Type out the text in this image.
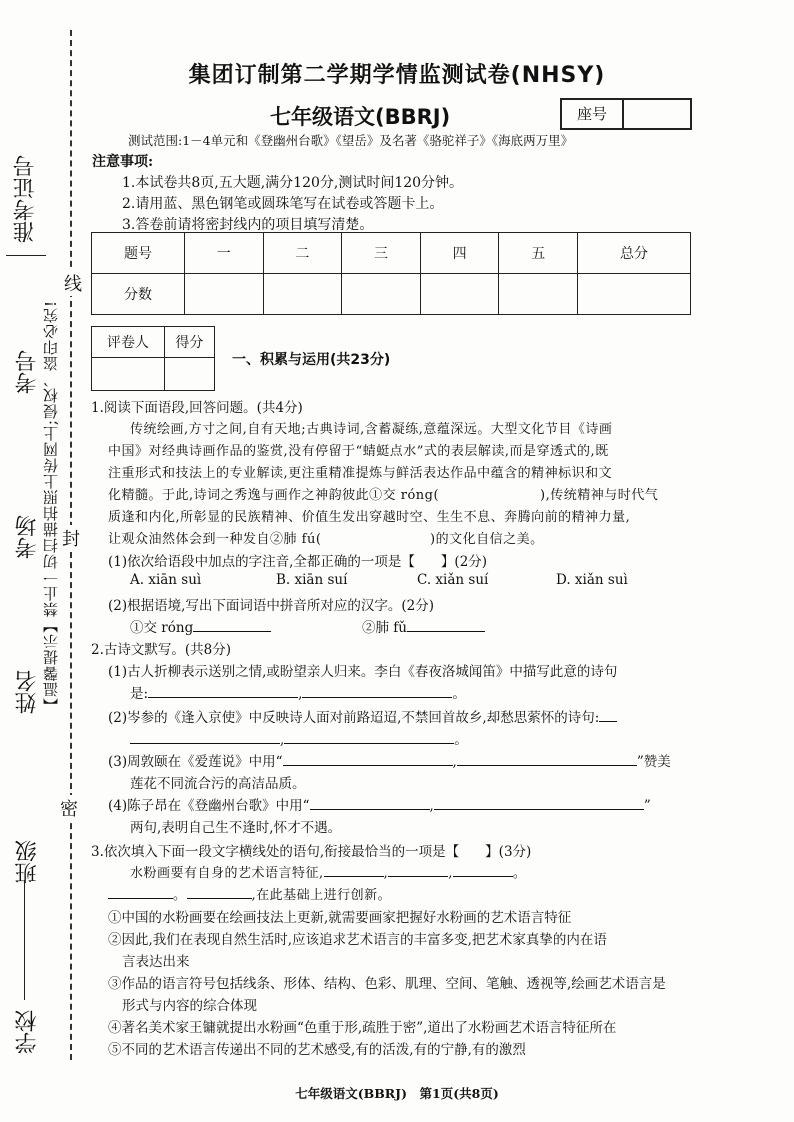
准考证号
考号
考场
姓名
班级
学校
【温馨提示】禁止一切扫描拍照上传网上;侵权、盗印必究!
线
封
密
集团订制第二学期学情监测试卷(NHSY)
七年级语文(BBRJ)	座号
测试范围:1－4单元和《登幽州台歌》《望岳》及名著《骆驼祥子》《海底两万里》
注意事项:
1.本试卷共8页,五大题,满分120分,测试时间120分钟。
2.请用蓝、黑色钢笔或圆珠笔写在试卷或答题卡上。
3.答卷前请将密封线内的项目填写清楚。
题号	一	二	三	四	五	总分
分数						
评卷人	得分

一、积累与运用(共23分)
1.阅读下面语段,回答问题。(共4分)
传统绘画,方寸之间,自有天地;古典诗词,含蓄凝练,意蕴深远。大型文化节目《诗画
中国》对经典诗画作品的鉴赏,没有停留于“蜻蜓点水”式的表层解读,而是穿透式的,既
注重形式和技法上的专业解读,更注重精准提炼与鲜活表达作品中蕴含的精神标识和文
化精髓。于此,诗词之秀逸与画作之神韵彼此①交 róng(	),传统精神与时代气
质逢和内化,所彰显的民族精神、价值生发出穿越时空、生生不息、奔腾向前的精神力量,
让观众油然体会到一种发自②肺 fú(	)的文化自信之美。
(1)依次给语段中加点的字注音,全都正确的一项是【 】(2分)
A. xiān suì	B. xiān suí	C. xiǎn suí	D. xiǎn suì
(2)根据语境,写出下面词语中拼音所对应的汉字。(2分)
①交 róng	②肺 fǔ
2.古诗文默写。(共8分)
(1)古人折柳表示送别之情,或盼望亲人归来。李白《春夜洛城闻笛》中描写此意的诗句
是:	,	。
(2)岑参的《逢入京使》中反映诗人面对前路迢迢,不禁回首故乡,却愁思萦怀的诗句:
,	。
(3)周敦颐在《爱莲说》中用“	,	”赞美
莲花不同流合污的高洁品质。
(4)陈子昂在《登幽州台歌》中用“	,	”
两句,表明自己生不逢时,怀才不遇。
3.依次填入下面一段文字横线处的语句,衔接最恰当的一项是【 】(3分)
水粉画要有自身的艺术语言特征,	,	,	。
。	,在此基础上进行创新。
①中国的水粉画要在绘画技法上更新,就需要画家把握好水粉画的艺术语言特征
②因此,我们在表现自然生活时,应该追求艺术语言的丰富多变,把艺术家真挚的内在语
言表达出来
③作品的语言符号包括线条、形体、结构、色彩、肌理、空间、笔触、透视等,绘画艺术语言是
形式与内容的综合体现
④著名美术家王镛就提出水粉画“色重于形,疏胜于密”,道出了水粉画艺术语言特征所在
⑤不同的艺术语言传递出不同的艺术感受,有的活泼,有的宁静,有的激烈
七年级语文(BBRJ)　第1页(共8页)
